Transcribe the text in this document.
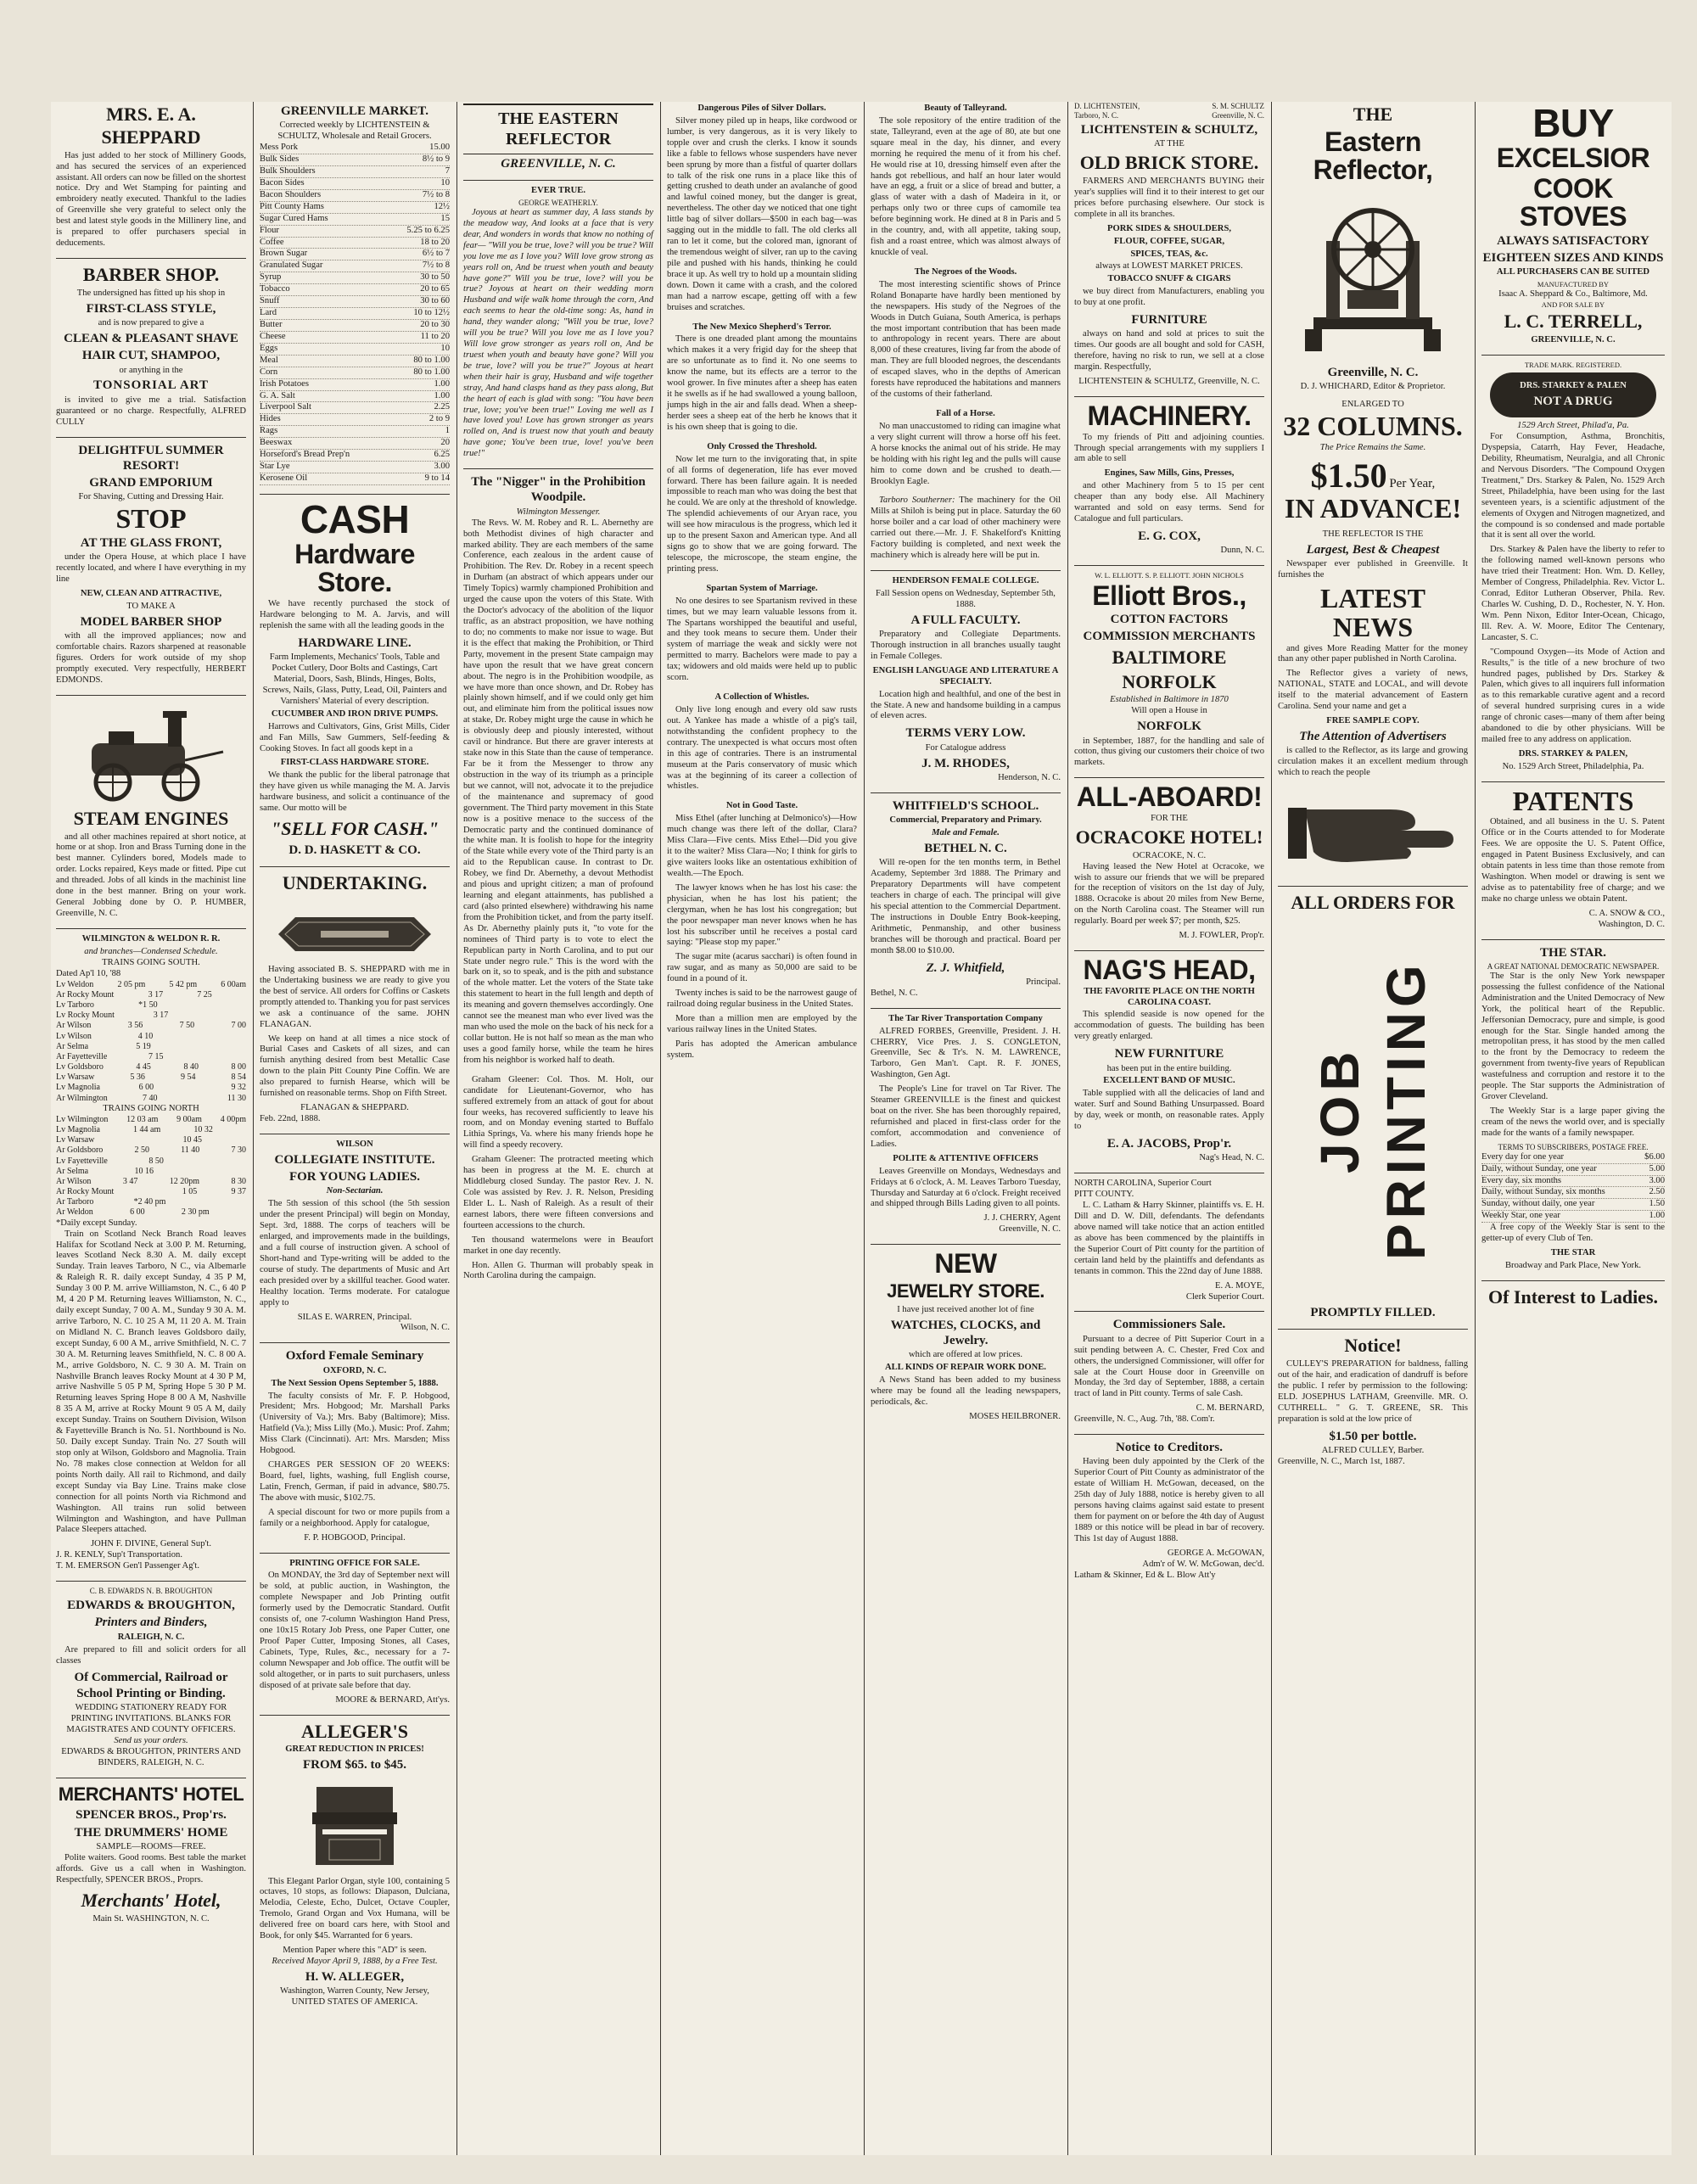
MRS. E. A. SHEPPARD

Has just added to her stock of Millinery Goods, and has secured the services of an experienced assistant. All orders can now be filled on the shortest notice. Dry and Wet Stamping for painting and embroidery neatly executed. Thankful to the ladies of Greenville she very grateful to select only the best and latest style goods in the Millinery line, and is prepared to offer purchasers special in deducements.

BARBER SHOP.
The undersigned has fitted up his shop in
FIRST-CLASS STYLE,
and is now prepared to give a
CLEAN & PLEASANT SHAVE
HAIR CUT, SHAMPOO,
or anything in the
TONSORIAL ART

is invited to give me a trial. Satisfaction guaranteed or no charge. Respectfully, ALFRED CULLY

DELIGHTFUL SUMMER RESORT!
GRAND EMPORIUM
For Shaving, Cutting and Dressing Hair.
STOP
AT THE GLASS FRONT,

under the Opera House, at which place I have recently located, and where I have everything in my line

NEW, CLEAN AND ATTRACTIVE,
TO MAKE A
MODEL BARBER SHOP

with all the improved appliances; now and comfortable chairs. Razors sharpened at reasonable figures. Orders for work outside of my shop promptly executed. Very respectfully, HERBERT EDMONDS.

STEAM ENGINES

and all other machines repaired at short notice, at home or at shop. Iron and Brass Turning done in the best manner. Cylinders bored, Models made to order. Locks repaired, Keys made or fitted. Pipe cut and threaded. Jobs of all kinds in the machinist line done in the best manner. Bring on your work. General Jobbing done by O. P. HUMBER, Greenville, N. C.

WILMINGTON & WELDON R. R.
and branches—Condensed Schedule.
TRAINS GOING SOUTH.
Dated Ap'l 10, '88
Lv Weldon	2 05 pm	5 42 pm	6 00am
Ar Rocky Mount	3 17	7 25
Lv Tarboro	*1 50
Lv Rocky Mount	3 17
Ar Wilson	3 56	7 50	7 00
Lv Wilson	4 10
Ar Selma	5 19
Ar Fayetteville	7 15
Lv Goldsboro	4 45	8 40	8 00
Lv Warsaw	5 36	9 54	8 54
Lv Magnolia	6 00	9 32
Ar Wilmington	7 40	11 30
TRAINS GOING NORTH
Lv Wilmington 12 03 am 9 00am 4 00pm
Lv Magnolia	1 44 am	10 32
Lv Warsaw	10 45
Ar Goldsboro	2 50	11 40	7 30
Lv Fayetteville	8 50
Ar Selma	10 16
Ar Wilson	3 47	12 20pm	8 30
Ar Rocky Mount	1 05	9 37
Ar Tarboro	*2 40 pm
Ar Weldon	6 00	2 30 pm
*Daily except Sunday.

Train on Scotland Neck Branch Road leaves Halifax for Scotland Neck at 3.00 P. M. Returning, leaves Scotland Neck 8.30 A. M. daily except Sunday. Train leaves Tarboro, N C., via Albemarle & Raleigh R. R. daily except Sunday, 4 35 P M, Sunday 3 00 P. M. arrive Williamston, N. C., 6 40 P M, 4 20 P M. Returning leaves Williamston, N. C., daily except Sunday, 7 00 A. M., Sunday 9 30 A. M. arrive Tarboro, N. C. 10 25 A M, 11 20 A. M. Train on Midland N. C. Branch leaves Goldsboro daily, except Sunday, 6 00 A M., arrive Smithfield, N. C. 7 30 A. M. Returning leaves Smithfield, N. C. 8 00 A. M., arrive Goldsboro, N. C. 9 30 A. M. Train on Nashville Branch leaves Rocky Mount at 4 30 P M, arrive Nashville 5 05 P M, Spring Hope 5 30 P M. Returning leaves Spring Hope 8 00 A M, Nashville 8 35 A M, arrive at Rocky Mount 9 05 A M, daily except Sunday. Trains on Southern Division, Wilson & Fayetteville Branch is No. 51. Northbound is No. 50. Daily except Sunday. Train No. 27 South will stop only at Wilson, Goldsboro and Magnolia. Train No. 78 makes close connection at Weldon for all points North daily. All rail to Richmond, and daily except Sunday via Bay Line. Trains make close connection for all points North via Richmond and Washington. All trains run solid between Wilmington and Washington, and have Pullman Palace Sleepers attached.

JOHN F. DIVINE, General Sup't.
J. R. KENLY, Sup't Transportation.
T. M. EMERSON Gen'l Passenger Ag't.
C. B. EDWARDS N. B. BROUGHTON
EDWARDS & BROUGHTON,
Printers and Binders,
RALEIGH, N. C.

Are prepared to fill and solicit orders for all classes

Of Commercial, Railroad or School Printing or Binding.
WEDDING STATIONERY READY FOR PRINTING INVITATIONS. BLANKS FOR MAGISTRATES AND COUNTY OFFICERS.
Send us your orders.
EDWARDS & BROUGHTON, PRINTERS AND BINDERS, RALEIGH, N. C.
MERCHANTS' HOTEL
SPENCER BROS., Prop'rs.
THE DRUMMERS' HOME
SAMPLE—ROOMS—FREE.

Polite waiters. Good rooms. Best table the market affords. Give us a call when in Washington. Respectfully, SPENCER BROS., Proprs.

Merchants' Hotel,
Main St. WASHINGTON, N. C.
GREENVILLE MARKET.
Corrected weekly by LICHTENSTEIN & SCHULTZ, Wholesale and Retail Grocers.
Mess Pork	15.00
Bulk Sides	8½ to 9
Bulk Shoulders	7
Bacon Sides	10
Bacon Shoulders	7½ to 8
Pitt County Hams	12½
Sugar Cured Hams	15
Flour	5.25 to 6.25
Coffee	18 to 20
Brown Sugar	6½ to 7
Granulated Sugar	7½ to 8
Syrup	30 to 50
Tobacco	20 to 65
Snuff	30 to 60
Lard	10 to 12½
Butter	20 to 30
Cheese	11 to 20
Eggs	10
Meal	80 to 1.00
Corn	80 to 1.00
Irish Potatoes	1.00
G. A. Salt	1.00
Liverpool Salt	2.25
Hides	2 to 9
Rags	1
Beeswax	20
Horseford's Bread Prep'n	6.25
Star Lye	3.00
Kerosene Oil	9 to 14
CASH
Hardware Store.

We have recently purchased the stock of Hardware belonging to M. A. Jarvis, and will replenish the same with all the leading goods in the

HARDWARE LINE.
Farm Implements, Mechanics' Tools, Table and Pocket Cutlery, Door Bolts and Castings, Cart Material, Doors, Sash, Blinds, Hinges, Bolts, Screws, Nails, Glass, Putty, Lead, Oil, Painters and Varnishers' Material of every description.
CUCUMBER AND IRON DRIVE PUMPS.

Harrows and Cultivators, Gins, Grist Mills, Cider and Fan Mills, Saw Gummers, Self-feeding & Cooking Stoves. In fact all goods kept in a

FIRST-CLASS HARDWARE STORE.

We thank the public for the liberal patronage that they have given us while managing the M. A. Jarvis hardware business, and solicit a continuance of the same. Our motto will be

"SELL FOR CASH."
D. D. HASKETT & CO.
UNDERTAKING.

Having associated B. S. SHEPPARD with me in the Undertaking business we are ready to give you the best of service. All orders for Coffins or Caskets promptly attended to. Thanking you for past services we ask a continuance of the same. JOHN FLANAGAN.

We keep on hand at all times a nice stock of Burial Cases and Caskets of all sizes, and can furnish anything desired from best Metallic Case down to the plain Pitt County Pine Coffin. We are also prepared to furnish Hearse, which will be furnished on reasonable terms. Shop on Fifth Street.

FLANAGAN & SHEPPARD.
Feb. 22nd, 1888.
WILSON
COLLEGIATE INSTITUTE.
FOR YOUNG LADIES.
Non-Sectarian.

The 5th session of this school (the 5th session under the present Principal) will begin on Monday, Sept. 3rd, 1888. The corps of teachers will be enlarged, and improvements made in the buildings, and a full course of instruction given. A school of Short-hand and Type-writing will be added to the course of study. The departments of Music and Art each presided over by a skillful teacher. Good water. Healthy location. Terms moderate. For catalogue apply to

SILAS E. WARREN, Principal.
Wilson, N. C.
Oxford Female Seminary
OXFORD, N. C.
The Next Session Opens September 5, 1888.

The faculty consists of Mr. F. P. Hobgood, President; Mrs. Hobgood; Mr. Marshall Parks (University of Va.); Mrs. Baby (Baltimore); Miss. Hatfield (Va.); Miss Lilly (Mo.). Music: Prof. Zahm; Miss Clark (Cincinnati). Art: Mrs. Marsden; Miss Hobgood.

CHARGES PER SESSION OF 20 WEEKS: Board, fuel, lights, washing, full English course, Latin, French, German, if paid in advance, $80.75. The above with music, $102.75.

A special discount for two or more pupils from a family or a neighborhood. Apply for catalogue,

F. P. HOBGOOD, Principal.
PRINTING OFFICE FOR SALE.

On MONDAY, the 3rd day of September next will be sold, at public auction, in Washington, the complete Newspaper and Job Printing outfit formerly used by the Democratic Standard. Outfit consists of, one 7-column Washington Hand Press, one 10x15 Rotary Job Press, one Paper Cutter, one Proof Paper Cutter, Imposing Stones, all Cases, Cabinets, Type, Rules, &c., necessary for a 7-column Newspaper and Job office. The outfit will be sold altogether, or in parts to suit purchasers, unless disposed of at private sale before that day.

MOORE & BERNARD, Att'ys.
ALLEGER'S
GREAT REDUCTION IN PRICES!
FROM $65. to $45.

This Elegant Parlor Organ, style 100, containing 5 octaves, 10 stops, as follows: Diapason, Dulciana, Melodia, Celeste, Echo, Dulcet, Octave Coupler, Tremolo, Grand Organ and Vox Humana, will be delivered free on board cars here, with Stool and Book, for only $45. Warranted for 6 years.

Mention Paper where this "AD" is seen.
Received Mayor April 9, 1888, by a Free Test.
H. W. ALLEGER,
Washington, Warren County, New Jersey,
UNITED STATES OF AMERICA.
THE EASTERN REFLECTOR
GREENVILLE, N. C.
EVER TRUE.
GEORGE WEATHERLY.

Joyous at heart as summer day, A lass stands by the meadow way, And looks at a face that is very dear, And wonders in words that know no nothing of fear— "Will you be true, love? will you be true? Will you love me as I love you? Will love grow strong as years roll on, And be truest when youth and beauty have gone?" Will you be true, love? will you be true? Joyous at heart on their wedding morn Husband and wife walk home through the corn, And each seems to hear the old-time song: As, hand in hand, they wander along; "Will you be true, love? will you be true? Will you love me as I love you? Will love grow stronger as years roll on, And be truest when youth and beauty have gone? Will you be true, love? will you be true?" Joyous at heart when their hair is gray, Husband and wife together stray, And hand clasps hand as they pass along, But the heart of each is glad with song: "You have been true, love; you've been true!" Loving me well as I have loved you! Love has grown stronger as years rolled on, And is truest now that youth and beauty have gone; You've been true, love! you've been true!"

The "Nigger" in the Prohibition Woodpile.
Wilmington Messenger.

The Revs. W. M. Robey and R. L. Abernethy are both Methodist divines of high character and marked ability. They are each members of the same Conference, each zealous in the ardent cause of Prohibition. The Rev. Dr. Robey in a recent speech in Durham (an abstract of which appears under our Timely Topics) warmly championed Prohibition and urged the cause upon the voters of this State. With the Doctor's advocacy of the abolition of the liquor traffic, as an abstract proposition, we have nothing to do; no comments to make nor issue to wage. But it is the effect that making the Prohibition, or Third Party, movement in the present State campaign may have upon the result that we have great concern about. The negro is in the Prohibition woodpile, as we have more than once shown, and Dr. Robey has plainly shown himself, and if we could only get him out, and eliminate him from the political issues now at stake, Dr. Robey might urge the cause in which he is obviously deep and piously interested, without cavil or hindrance. But there are graver interests at stake now in this State than the cause of temperance. Far be it from the Messenger to throw any obstruction in the way of its triumph as a principle but we cannot, will not, advocate it to the prejudice of the maintenance and supremacy of good government. The Third party movement in this State now is a positive menace to the success of the Democratic party and the continued dominance of the white man. It is foolish to hope for the integrity of the State while every vote of the Third party is an aid to the Republican cause. In contrast to Dr. Robey, we find Dr. Abernethy, a devout Methodist and pious and upright citizen; a man of profound learning and elegant attainments, has published a card (also printed elsewhere) withdrawing his name from the Prohibition ticket, and from the party itself. As Dr. Abernethy plainly puts it, "to vote for the nominees of Third party is to vote to elect the Republican party in North Carolina, and to put our State under negro rule." This is the word with the bark on it, so to speak, and is the pith and substance of the whole matter. Let the voters of the State take this statement to heart in the full length and depth of its meaning and govern themselves accordingly. One cannot see the meanest man who ever lived was the man who used the mole on the back of his neck for a collar button. He is not half so mean as the man who uses a good family horse, while the team he hires from his neighbor is worked half to death.

Graham Gleener: Col. Thos. M. Holt, our candidate for Lieutenant-Governor, who has suffered extremely from an attack of gout for about four weeks, has recovered sufficiently to leave his room, and on Monday evening started to Buffalo Lithia Springs, Va. where his many friends hope he will find a speedy recovery.

Graham Gleener: The protracted meeting which has been in progress at the M. E. church at Middleburg closed Sunday. The pastor Rev. J. N. Cole was assisted by Rev. J. R. Nelson, Presiding Elder L. L. Nash of Raleigh. As a result of their earnest labors, there were fifteen conversions and fourteen accessions to the church.

Ten thousand watermelons were in Beaufort market in one day recently.

Hon. Allen G. Thurman will probably speak in North Carolina during the campaign.

Dangerous Piles of Silver Dollars.

Silver money piled up in heaps, like cordwood or lumber, is very dangerous, as it is very likely to topple over and crush the clerks. I know it sounds like a fable to fellows whose suspenders have never been sprung by more than a fistful of quarter dollars to talk of the risk one runs in a place like this of getting crushed to death under an avalanche of good and lawful coined money, but the danger is great, nevertheless. The other day we noticed that one tight little bag of silver dollars—$500 in each bag—was sagging out in the middle to fall. The old clerks all ran to let it come, but the colored man, ignorant of the tremendous weight of silver, ran up to the caving pile and pushed with his hands, thinking he could brace it up. As well try to hold up a mountain sliding down. Down it came with a crash, and the colored man had a narrow escape, getting off with a few bruises and scratches.

The New Mexico Shepherd's Terror.

There is one dreaded plant among the mountains which makes it a very frigid day for the sheep that are so unfortunate as to find it. No one seems to know the name, but its effects are a terror to the wool grower. In five minutes after a sheep has eaten it he swells as if he had swallowed a young balloon, jumps high in the air and falls dead. When a sheep-herder sees a sheep eat of the herb he knows that it is his own sheep that is going to die.

Only Crossed the Threshold.

Now let me turn to the invigorating that, in spite of all forms of degeneration, life has ever moved forward. There has been failure again. It is needed impossible to reach man who was doing the best that he could. We are only at the threshold of knowledge. The splendid achievements of our Aryan race, you will see how miraculous is the progress, which led it up to the present Saxon and American type. And all signs go to show that we are going forward. The telescope, the microscope, the steam engine, the printing press.

Spartan System of Marriage.

No one desires to see Spartanism revived in these times, but we may learn valuable lessons from it. The Spartans worshipped the beautiful and useful, and they took means to secure them. Under their system of marriage the weak and sickly were not permitted to marry. Bachelors were made to pay a tax; widowers and old maids were held up to public scorn.

A Collection of Whistles.

Only live long enough and every old saw rusts out. A Yankee has made a whistle of a pig's tail, notwithstanding the confident prophecy to the contrary. The unexpected is what occurs most often in this age of contraries. There is an instrumental museum at the Paris conservatory of music which was at the beginning of its career a collection of whistles.

Not in Good Taste.

Miss Ethel (after lunching at Delmonico's)—How much change was there left of the dollar, Clara? Miss Clara—Five cents. Miss Ethel—Did you give it to the waiter? Miss Clara—No; I think for girls to give waiters looks like an ostentatious exhibition of wealth.—The Epoch.

The lawyer knows when he has lost his case: the physician, when he has lost his patient; the clergyman, when he has lost his congregation; but the poor newspaper man never knows when he has lost his subscriber until he receives a postal card saying: "Please stop my paper."

The sugar mite (acarus sacchari) is often found in raw sugar, and as many as 50,000 are said to be found in a pound of it.

Twenty inches is said to be the narrowest gauge of railroad doing regular business in the United States.

More than a million men are employed by the various railway lines in the United States.

Paris has adopted the American ambulance system.

Beauty of Talleyrand.

The sole repository of the entire tradition of the state, Talleyrand, even at the age of 80, ate but one square meal in the day, his dinner, and every morning he required the menu of it from his chef. He would rise at 10, dressing himself even after the hands got rebellious, and half an hour later would have an egg, a fruit or a slice of bread and butter, a glass of water with a dash of Madeira in it, or perhaps only two or three cups of camomile tea before beginning work. He dined at 8 in Paris and 5 in the country, and, with all appetite, taking soup, fish and a roast entree, which was almost always of knuckle of veal.

The Negroes of the Woods.

The most interesting scientific shows of Prince Roland Bonaparte have hardly been mentioned by the newspapers. His study of the Negroes of the Woods in Dutch Guiana, South America, is perhaps the most important contribution that has been made to anthropology in recent years. There are about 8,000 of these creatures, living far from the abode of man. They are full blooded negroes, the descendants of escaped slaves, who in the depths of American forests have reproduced the habitations and manners of the customs of their fatherland.

Fall of a Horse.

No man unaccustomed to riding can imagine what a very slight current will throw a horse off his feet. A horse knocks the animal out of his stride. He may be holding with his right leg and the pulls will cause him to come down and be crushed to death.—Brooklyn Eagle.

Tarboro Southerner: The machinery for the Oil Mills at Shiloh is being put in place. Saturday the 60 horse boiler and a car load of other machinery were carried out there.—Mr. J. F. Shakelford's Knitting Factory building is completed, and next week the machinery which is already here will be put in.

HENDERSON FEMALE COLLEGE.
Fall Session opens on Wednesday, September 5th, 1888.
A FULL FACULTY.

Preparatory and Collegiate Departments. Thorough instruction in all branches usually taught in Female Colleges.

ENGLISH LANGUAGE AND LITERATURE A SPECIALTY.

Location high and healthful, and one of the best in the State. A new and handsome building in a campus of eleven acres.

TERMS VERY LOW.
For Catalogue address
J. M. RHODES,
Henderson, N. C.
WHITFIELD'S SCHOOL.
Commercial, Preparatory and Primary.
Male and Female.
BETHEL N. C.

Will re-open for the ten months term, in Bethel Academy, September 3rd 1888. The Primary and Preparatory Departments will have competent teachers in charge of each. The principal will give his special attention to the Commercial Department. The instructions in Double Entry Book-keeping, Arithmetic, Penmanship, and other business branches will be thorough and practical. Board per month $8.00 to $10.00.

Z. J. Whitfield,
Principal.
Bethel, N. C.
The Tar River Transportation Company

ALFRED FORBES, Greenville, President. J. H. CHERRY, Vice Pres. J. S. CONGLETON, Greenville, Sec & Tr's. N. M. LAWRENCE, Tarboro, Gen Man't. Capt. R. F. JONES, Washington, Gen Agt.

The People's Line for travel on Tar River. The Steamer GREENVILLE is the finest and quickest boat on the river. She has been thoroughly repaired, refurnished and placed in first-class order for the comfort, accommodation and convenience of Ladies.

POLITE & ATTENTIVE OFFICERS

Leaves Greenville on Mondays, Wednesdays and Fridays at 6 o'clock, A. M. Leaves Tarboro Tuesday, Thursday and Saturday at 6 o'clock. Freight received and shipped through Bills Lading given to all points.

J. J. CHERRY, Agent
Greenville, N. C.
NEW
JEWELRY STORE.
I have just received another lot of fine
WATCHES, CLOCKS, and Jewelry.
which are offered at low prices.
ALL KINDS OF REPAIR WORK DONE.

A News Stand has been added to my business where may be found all the leading newspapers, periodicals, &c.

MOSES HEILBRONER.
D. LICHTENSTEIN,	S. M. SCHULTZ
Tarboro, N. C.	Greenville, N. C.
LICHTENSTEIN & SCHULTZ,
AT THE
OLD BRICK STORE.

FARMERS AND MERCHANTS BUYING their year's supplies will find it to their interest to get our prices before purchasing elsewhere. Our stock is complete in all its branches.

PORK SIDES & SHOULDERS,
FLOUR, COFFEE, SUGAR,
SPICES, TEAS, &c.
always at LOWEST MARKET PRICES.
TOBACCO SNUFF & CIGARS

we buy direct from Manufacturers, enabling you to buy at one profit.

FURNITURE

always on hand and sold at prices to suit the times. Our goods are all bought and sold for CASH, therefore, having no risk to run, we sell at a close margin. Respectfully,

LICHTENSTEIN & SCHULTZ, Greenville, N. C.
MACHINERY.

To my friends of Pitt and adjoining counties. Through special arrangements with my suppliers I am able to sell

Engines, Saw Mills, Gins, Presses,

and other Machinery from 5 to 15 per cent cheaper than any body else. All Machinery warranted and sold on easy terms. Send for Catalogue and full particulars.

E. G. COX,
Dunn, N. C.
W. L. ELLIOTT. S. P. ELLIOTT. JOHN NICHOLS
Elliott Bros.,
COTTON FACTORS
COMMISSION MERCHANTS
BALTIMORE
NORFOLK
Established in Baltimore in 1870
Will open a House in
NORFOLK

in September, 1887, for the handling and sale of cotton, thus giving our customers their choice of two markets.

ALL-ABOARD!
FOR THE
OCRACOKE HOTEL!
OCRACOKE, N. C.

Having leased the New Hotel at Ocracoke, we wish to assure our friends that we will be prepared for the reception of visitors on the 1st day of July, 1888. Ocracoke is about 20 miles from New Berne, on the North Carolina coast. The Steamer will run regularly. Board per week $7; per month, $25.

M. J. FOWLER, Prop'r.
NAG'S HEAD,
THE FAVORITE PLACE ON THE NORTH CAROLINA COAST.

This splendid seaside is now opened for the accommodation of guests. The building has been very greatly enlarged.

NEW FURNITURE
has been put in the entire building.
EXCELLENT BAND OF MUSIC.

Table supplied with all the delicacies of land and water. Surf and Sound Bathing Unsurpassed. Board by day, week or month, on reasonable rates. Apply to

E. A. JACOBS, Prop'r.
Nag's Head, N. C.
NORTH CAROLINA, Superior Court
PITT COUNTY.

L. C. Latham & Harry Skinner, plaintiffs vs. E. H. Dill and D. W. Dill, defendants. The defendants above named will take notice that an action entitled as above has been commenced by the plaintiffs in the Superior Court of Pitt county for the partition of certain land held by the plaintiffs and defendants as tenants in common. This the 22nd day of June 1888.

E. A. MOYE,
Clerk Superior Court.
Commissioners Sale.

Pursuant to a decree of Pitt Superior Court in a suit pending between A. C. Chester, Fred Cox and others, the undersigned Commissioner, will offer for sale at the Court House door in Greenville on Monday, the 3rd day of September, 1888, a certain tract of land in Pitt county. Terms of sale Cash.

C. M. BERNARD,
Greenville, N. C., Aug. 7th, '88. Com'r.
Notice to Creditors.

Having been duly appointed by the Clerk of the Superior Court of Pitt County as administrator of the estate of William H. McGowan, deceased, on the 25th day of July 1888, notice is hereby given to all persons having claims against said estate to present them for payment on or before the 4th day of August 1889 or this notice will be plead in bar of recovery. This 1st day of August 1888.

GEORGE A. McGOWAN,
Adm'r of W. W. McGowan, dec'd.
Latham & Skinner, Ed & L. Blow Att'y
THE
Eastern Reflector,
Greenville, N. C.
D. J. WHICHARD, Editor & Proprietor.
ENLARGED TO
32 COLUMNS.
The Price Remains the Same.
$1.50 Per Year,
IN ADVANCE!
THE REFLECTOR IS THE
Largest, Best & Cheapest

Newspaper ever published in Greenville. It furnishes the

LATEST NEWS

and gives More Reading Matter for the money than any other paper published in North Carolina.

The Reflector gives a variety of news, NATIONAL, STATE and LOCAL, and will devote itself to the material advancement of Eastern Carolina. Send your name and get a

FREE SAMPLE COPY.
The Attention of Advertisers

is called to the Reflector, as its large and growing circulation makes it an excellent medium through which to reach the people

ALL ORDERS FOR
JOB PRINTING
PROMPTLY FILLED.
Notice!

CULLEY'S PREPARATION for baldness, falling out of the hair, and eradication of dandruff is before the public. I refer by permission to the following: ELD. JOSEPHUS LATHAM, Greenville. MR. O. CUTHRELL. " G. T. GREENE, SR. This preparation is sold at the low price of

$1.50 per bottle.
ALFRED CULLEY, Barber.
Greenville, N. C., March 1st, 1887.
BUY
EXCELSIOR
COOK STOVES
ALWAYS SATISFACTORY
EIGHTEEN SIZES AND KINDS
ALL PURCHASERS CAN BE SUITED
MANUFACTURED BY
Isaac A. Sheppard & Co., Baltimore, Md.
AND FOR SALE BY
L. C. TERRELL,
GREENVILLE, N. C.
TRADE MARK. REGISTERED.
DRS. STARKEY & PALEN
NOT A DRUG
1529 Arch Street, Philad'a, Pa.

For Consumption, Asthma, Bronchitis, Dyspepsia, Catarrh, Hay Fever, Headache, Debility, Rheumatism, Neuralgia, and all Chronic and Nervous Disorders. "The Compound Oxygen Treatment," Drs. Starkey & Palen, No. 1529 Arch Street, Philadelphia, have been using for the last seventeen years, is a scientific adjustment of the elements of Oxygen and Nitrogen magnetized, and the compound is so condensed and made portable that it is sent all over the world.

Drs. Starkey & Palen have the liberty to refer to the following named well-known persons who have tried their Treatment: Hon. Wm. D. Kelley, Member of Congress, Philadelphia. Rev. Victor L. Conrad, Editor Lutheran Observer, Phila. Rev. Charles W. Cushing, D. D., Rochester, N. Y. Hon. Wm. Penn Nixon, Editor Inter-Ocean, Chicago, Ill. Rev. A. W. Moore, Editor The Centenary, Lancaster, S. C.

"Compound Oxygen—its Mode of Action and Results," is the title of a new brochure of two hundred pages, published by Drs. Starkey & Palen, which gives to all inquirers full information as to this remarkable curative agent and a record of several hundred surprising cures in a wide range of chronic cases—many of them after being abandoned to die by other physicians. Will be mailed free to any address on application.

DRS. STARKEY & PALEN,
No. 1529 Arch Street, Philadelphia, Pa.
PATENTS

Obtained, and all business in the U. S. Patent Office or in the Courts attended to for Moderate Fees. We are opposite the U. S. Patent Office, engaged in Patent Business Exclusively, and can obtain patents in less time than those remote from Washington. When model or drawing is sent we advise as to patentability free of charge; and we make no charge unless we obtain Patent.

C. A. SNOW & CO.,
Washington, D. C.
THE STAR.
A GREAT NATIONAL DEMOCRATIC NEWSPAPER.

The Star is the only New York newspaper possessing the fullest confidence of the National Administration and the United Democracy of New York, the political heart of the Republic. Jeffersonian Democracy, pure and simple, is good enough for the Star. Single handed among the metropolitan press, it has stood by the men called to the front by the Democracy to redeem the government from twenty-five years of Republican wastefulness and corruption and restore it to the people. The Star supports the Administration of Grover Cleveland.

The Weekly Star is a large paper giving the cream of the news the world over, and is specially made for the wants of a family newspaper.

TERMS TO SUBSCRIBERS, POSTAGE FREE.
Every day for one year	$6.00
Daily, without Sunday, one year	5.00
Every day, six months	3.00
Daily, without Sunday, six months	2.50
Sunday, without daily, one year	1.50
Weekly Star, one year	1.00

A free copy of the Weekly Star is sent to the getter-up of every Club of Ten.

THE STAR
Broadway and Park Place, New York.
Of Interest to Ladies.
